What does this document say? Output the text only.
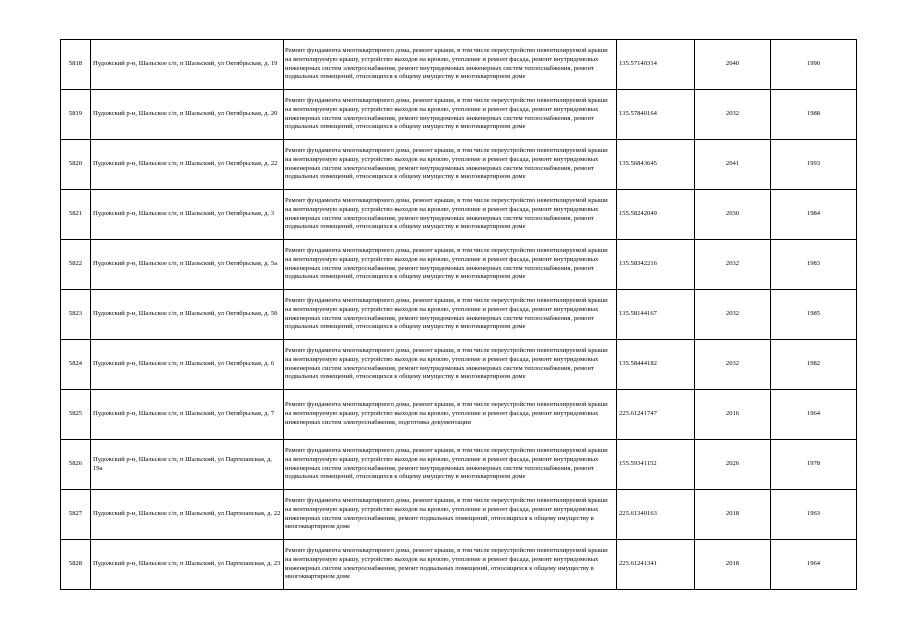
5818	Пудожский р-н, Шальское с/п, п Шальский, ул Октябрьская, д. 19	Ремонт фундамента многоквартирного дома, ремонт крыши, в том числе переустройство невентилируемой крыши на вентилируемую крышу, устройство выходов на кровлю, утепление и ремонт фасада, ремонт внутридомовых инженерных систем электроснабжения, ремонт внутридомовых инженерных систем теплоснабжения, ремонт подвальных помещений, относящихся к общему имуществу в многоквартирном доме	135.57140314	2040	1990
5819	Пудожский р-н, Шальское с/п, п Шальский, ул Октябрьская, д. 20	Ремонт фундамента многоквартирного дома, ремонт крыши, в том числе переустройство невентилируемой крыши на вентилируемую крышу, устройство выходов на кровлю, утепление и ремонт фасада, ремонт внутридомовых инженерных систем электроснабжения, ремонт внутридомовых инженерных систем теплоснабжения, ремонт подвальных помещений, относящихся к общему имуществу в многоквартирном доме	135.57840164	2032	1988
5820	Пудожский р-н, Шальское с/п, п Шальский, ул Октябрьская, д. 22	Ремонт фундамента многоквартирного дома, ремонт крыши, в том числе переустройство невентилируемой крыши на вентилируемую крышу, устройство выходов на кровлю, утепление и ремонт фасада, ремонт внутридомовых инженерных систем электроснабжения, ремонт внутридомовых инженерных систем теплоснабжения, ремонт подвальных помещений, относящихся к общему имуществу в многоквартирном доме	135.56843645	2041	1993
5821	Пудожский р-н, Шальское с/п, п Шальский, ул Октябрьская, д. 3	Ремонт фундамента многоквартирного дома, ремонт крыши, в том числе переустройство невентилируемой крыши на вентилируемую крышу, устройство выходов на кровлю, утепление и ремонт фасада, ремонт внутридомовых инженерных систем электроснабжения, ремонт внутридомовых инженерных систем теплоснабжения, ремонт подвальных помещений, относящихся к общему имуществу в многоквартирном доме	155.58242049	2030	1984
5822	Пудожский р-н, Шальское с/п, п Шальский, ул Октябрьская, д. 5а	Ремонт фундамента многоквартирного дома, ремонт крыши, в том числе переустройство невентилируемой крыши на вентилируемую крышу, устройство выходов на кровлю, утепление и ремонт фасада, ремонт внутридомовых инженерных систем электроснабжения, ремонт внутридомовых инженерных систем теплоснабжения, ремонт подвальных помещений, относящихся к общему имуществу в многоквартирном доме	135.58342216	2032	1983
5823	Пудожский р-н, Шальское с/п, п Шальский, ул Октябрьская, д. 5б	Ремонт фундамента многоквартирного дома, ремонт крыши, в том числе переустройство невентилируемой крыши на вентилируемую крышу, устройство выходов на кровлю, утепление и ремонт фасада, ремонт внутридомовых инженерных систем электроснабжения, ремонт внутридомовых инженерных систем теплоснабжения, ремонт подвальных помещений, относящихся к общему имуществу в многоквартирном доме	135.58144167	2032	1985
5824	Пудожский р-н, Шальское с/п, п Шальский, ул Октябрьская, д. 6	Ремонт фундамента многоквартирного дома, ремонт крыши, в том числе переустройство невентилируемой крыши на вентилируемую крышу, устройство выходов на кровлю, утепление и ремонт фасада, ремонт внутридомовых инженерных систем электроснабжения, ремонт внутридомовых инженерных систем теплоснабжения, ремонт подвальных помещений, относящихся к общему имуществу в многоквартирном доме	135.58444182	2032	1982
5825	Пудожский р-н, Шальское с/п, п Шальский, ул Октябрьская, д. 7	Ремонт фундамента многоквартирного дома, ремонт крыши, в том числе переустройство невентилируемой крыши на вентилируемую крышу, устройство выходов на кровлю, утепление и ремонт фасада, ремонт внутридомовых инженерных систем электроснабжения, подготовка документации	225.61241747	2016	1964
5826	Пудожский р-н, Шальское с/п, п Шальский, ул Партизанская, д. 19а	Ремонт фундамента многоквартирного дома, ремонт крыши, в том числе переустройство невентилируемой крыши на вентилируемую крышу, устройство выходов на кровлю, утепление и ремонт фасада, ремонт внутридомовых инженерных систем электроснабжения, ремонт внутридомовых инженерных систем теплоснабжения, ремонт подвальных помещений, относящихся к общему имуществу в многоквартирном доме	155.59341152	2026	1978
5827	Пудожский р-н, Шальское с/п, п Шальский, ул Партизанская, д. 22	Ремонт фундамента многоквартирного дома, ремонт крыши, в том числе переустройство невентилируемой крыши на вентилируемую крышу, устройство выходов на кровлю, утепление и ремонт фасада, ремонт внутридомовых инженерных систем электроснабжения, ремонт подвальных помещений, относящихся к общему имуществу в многоквартирном доме	225.61340163	2018	1963
5828	Пудожский р-н, Шальское с/п, п Шальский, ул Партизанская, д. 23	Ремонт фундамента многоквартирного дома, ремонт крыши, в том числе переустройство невентилируемой крыши на вентилируемую крышу, устройство выходов на кровлю, утепление и ремонт фасада, ремонт внутридомовых инженерных систем электроснабжения, ремонт подвальных помещений, относящихся к общему имуществу в многоквартирном доме	225.61241341	2018	1964
